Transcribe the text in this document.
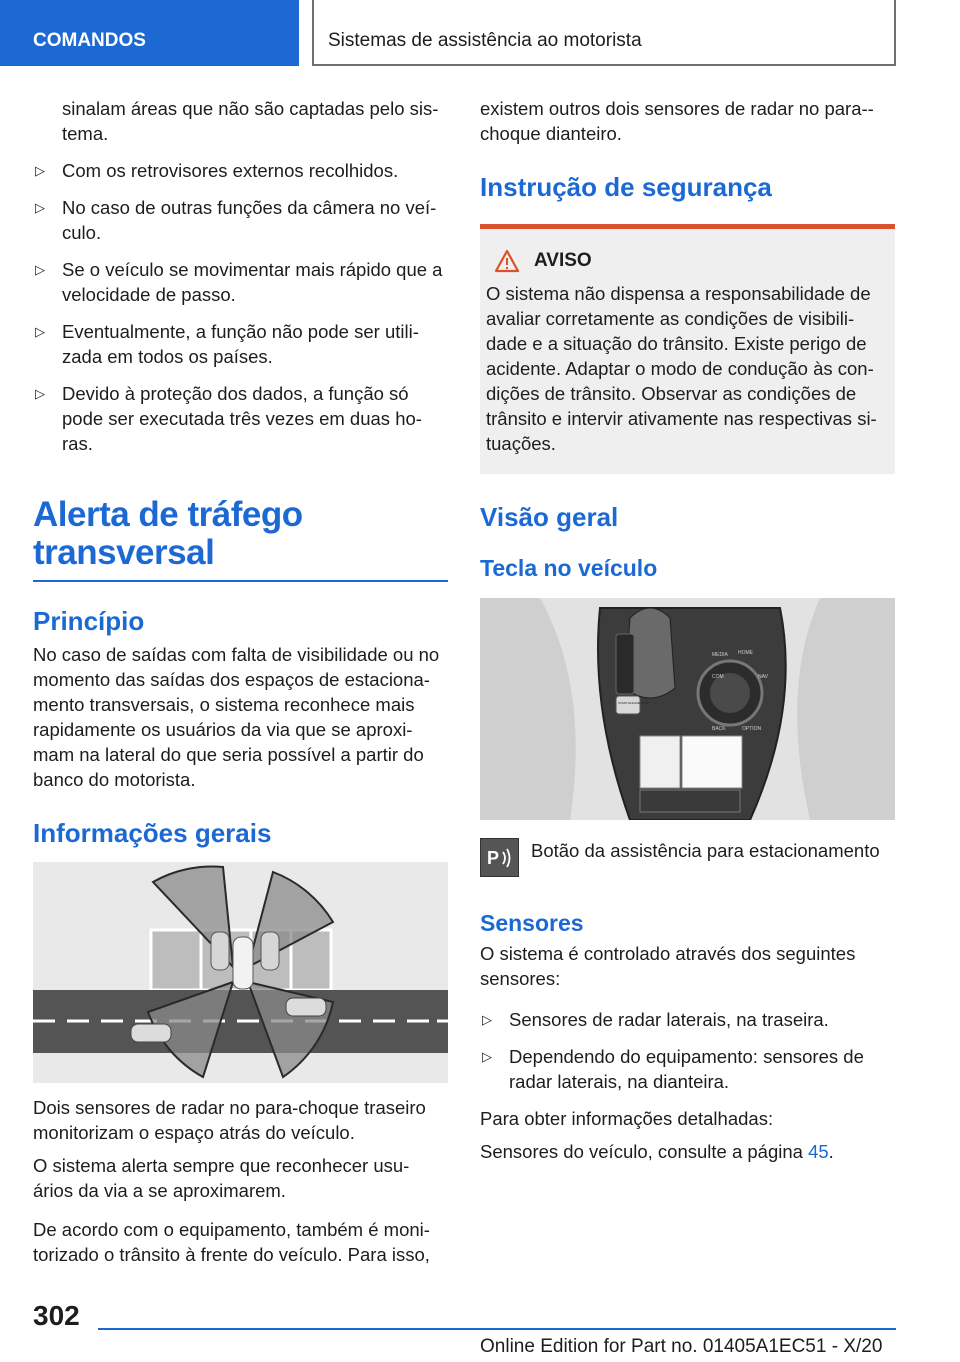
COMANDOS	Sistemas de assistência ao motorista
sinalam áreas que não são captadas pelo sis-tema.
▷ Com os retrovisores externos recolhidos.
▷ No caso de outras funções da câmera no veí-culo.
▷ Se o veículo se movimentar mais rápido que a velocidade de passo.
▷ Eventualmente, a função não pode ser utili-zada em todos os países.
▷ Devido à proteção dos dados, a função só pode ser executada três vezes em duas ho-ras.
Alerta de tráfego transversal
Princípio

No caso de saídas com falta de visibilidade ou no momento das saídas dos espaços de estaciona-mento transversais, o sistema reconhece mais rapidamente os usuários da via que se aproxi-mam na lateral do que seria possível a partir do banco do motorista.

Informações gerais

Dois sensores de radar no para-choque traseiro monitorizam o espaço atrás do veículo.

O sistema alerta sempre que reconhecer usu-ários da via a se aproximarem.

De acordo com o equipamento, também é moni-torizado o trânsito à frente do veículo. Para isso,

existem outros dois sensores de radar no para--choque dianteiro.

Instrução de segurança
AVISO
O sistema não dispensa a responsabilidade de avaliar corretamente as condições de visibili-dade e a situação do trânsito. Existe perigo de acidente. Adaptar o modo de condução às con-dições de trânsito. Observar as condições de trânsito e intervir ativamente nas respectivas si-tuações.
Visão geral
Tecla no veículo
MEDIA HOME
COM	NAV
BACK	OPTION
START ENGINE STOP
P	Botão da assistência para estacionamento
Sensores

O sistema é controlado através dos seguintes sensores:

▷ Sensores de radar laterais, na traseira.
▷ Dependendo do equipamento: sensores de radar laterais, na dianteira.

Para obter informações detalhadas:

Sensores do veículo, consulte a página 45.

302
Online Edition for Part no. 01405A1EC51 - X/20
